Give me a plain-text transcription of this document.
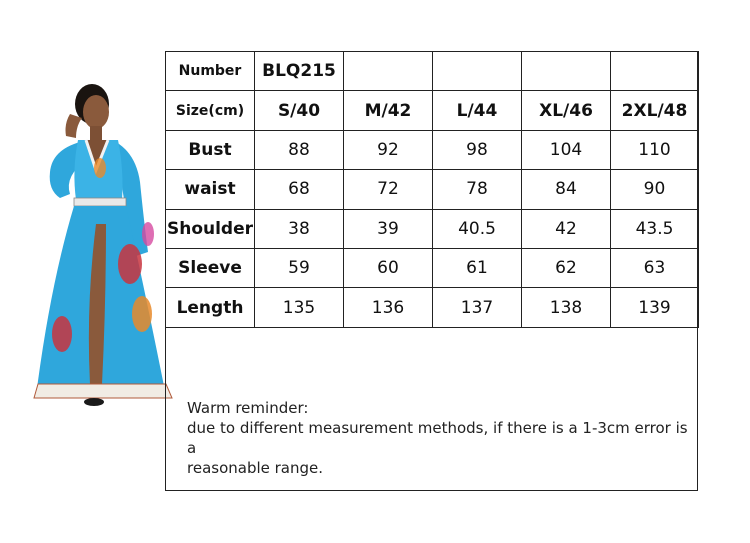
Number	BLQ215				
Size(cm)	S/40	M/42	L/44	XL/46	2XL/48
Bust	88	92	98	104	110
waist	68	72	78	84	90
Shoulder	38	39	40.5	42	43.5
Sleeve	59	60	61	62	63
Length	135	136	137	138	139
Warm reminder:
due to different measurement methods, if there is a 1-3cm error is a
reasonable range.
